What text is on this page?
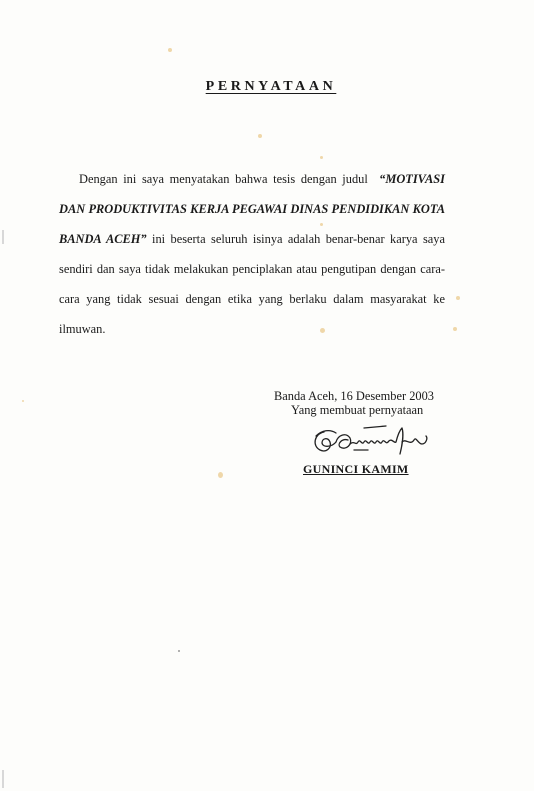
PERNYATAAN

Dengan ini saya menyatakan bahwa tesis dengan judul “MOTIVASI DAN PRODUKTIVITAS KERJA PEGAWAI DINAS PENDIDIKAN KOTA BANDA ACEH” ini beserta seluruh isinya adalah benar-benar karya saya sendiri dan saya tidak melakukan penciplakan atau pengutipan dengan cara-cara yang tidak sesuai dengan etika yang berlaku dalam masyarakat ke ilmuwan.

Banda Aceh, 16 Desember 2003
Yang membuat pernyataan
GUNINCI KAMIM
